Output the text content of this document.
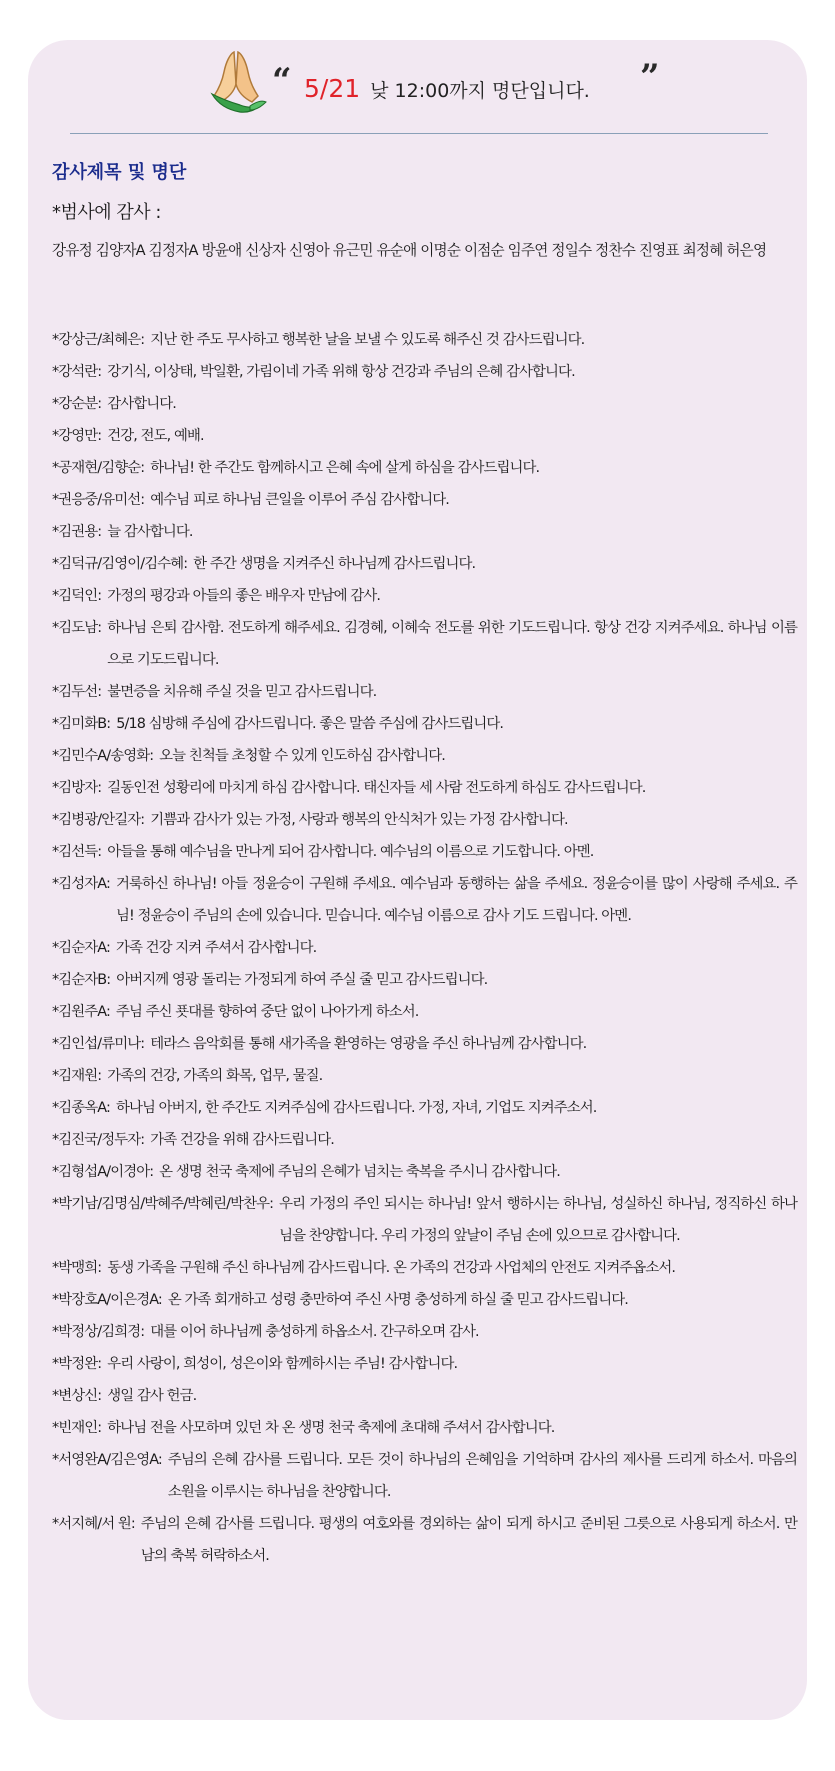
“ 5/21 낮 12:00까지 명단입니다. ”
감사제목 및 명단
*범사에 감사 :
강유정 김양자A 김정자A 방윤애 신상자 신영아 유근민 유순애 이명순 이점순 임주연 정일수 정찬수 진영표 최정혜 허은영
*강상근/최혜은: 지난 한 주도 무사하고 행복한 날을 보낼 수 있도록 해주신 것 감사드립니다.
*강석란: 강기식, 이상태, 박일환, 가림이네 가족 위해 항상 건강과 주님의 은혜 감사합니다.
*강순분: 감사합니다.
*강영만: 건강, 전도, 예배.
*공재현/김향순: 하나님! 한 주간도 함께하시고 은혜 속에 살게 하심을 감사드립니다.
*권응중/유미선: 예수님 피로 하나님 큰일을 이루어 주심 감사합니다.
*김권용: 늘 감사합니다.
*김덕규/김영이/김수혜: 한 주간 생명을 지켜주신 하나님께 감사드립니다.
*김덕인: 가정의 평강과 아들의 좋은 배우자 만남에 감사.
*김도남: 하나님 은퇴 감사함. 전도하게 해주세요. 김경혜, 이혜숙 전도를 위한 기도드립니다. 항상 건강 지켜주세요. 하나님 이름으로 기도드립니다.
*김두선: 불면증을 치유해 주실 것을 믿고 감사드립니다.
*김미화B: 5/18 심방해 주심에 감사드립니다. 좋은 말씀 주심에 감사드립니다.
*김민수A/송영화: 오늘 친척들 초청할 수 있게 인도하심 감사합니다.
*김방자: 길동인전 성황리에 마치게 하심 감사합니다. 태신자들 세 사람 전도하게 하심도 감사드립니다.
*김병광/안길자: 기쁨과 감사가 있는 가정, 사랑과 행복의 안식처가 있는 가정 감사합니다.
*김선득: 아들을 통해 예수님을 만나게 되어 감사합니다. 예수님의 이름으로 기도합니다. 아멘.
*김성자A: 거룩하신 하나님! 아들 정윤승이 구원해 주세요. 예수님과 동행하는 삶을 주세요. 정윤승이를 많이 사랑해 주세요. 주님! 정윤승이 주님의 손에 있습니다. 믿습니다. 예수님 이름으로 감사 기도 드립니다. 아멘.
*김순자A: 가족 건강 지켜 주셔서 감사합니다.
*김순자B: 아버지께 영광 돌리는 가정되게 하여 주실 줄 믿고 감사드립니다.
*김원주A: 주님 주신 푯대를 향하여 중단 없이 나아가게 하소서.
*김인섭/류미나: 테라스 음악회를 통해 새가족을 환영하는 영광을 주신 하나님께 감사합니다.
*김재원: 가족의 건강, 가족의 화목, 업무, 물질.
*김종옥A: 하나님 아버지, 한 주간도 지켜주심에 감사드립니다. 가정, 자녀, 기업도 지켜주소서.
*김진국/정두자: 가족 건강을 위해 감사드립니다.
*김형섭A/이경아: 온 생명 천국 축제에 주님의 은혜가 넘치는 축복을 주시니 감사합니다.
*박기남/김명심/박혜주/박혜린/박찬우: 우리 가정의 주인 되시는 하나님! 앞서 행하시는 하나님, 성실하신 하나님, 정직하신 하나님을 찬양합니다. 우리 가정의 앞날이 주님 손에 있으므로 감사합니다.
*박맹희: 동생 가족을 구원해 주신 하나님께 감사드립니다. 온 가족의 건강과 사업체의 안전도 지켜주옵소서.
*박장호A/이은경A: 온 가족 회개하고 성령 충만하여 주신 사명 충성하게 하실 줄 믿고 감사드립니다.
*박정상/김희경: 대를 이어 하나님께 충성하게 하옵소서. 간구하오며 감사.
*박정완: 우리 사랑이, 희성이, 성은이와 함께하시는 주님! 감사합니다.
*변상신: 생일 감사 헌금.
*빈재인: 하나님 전을 사모하며 있던 차 온 생명 천국 축제에 초대해 주셔서 감사합니다.
*서영완A/김은영A: 주님의 은혜 감사를 드립니다. 모든 것이 하나님의 은혜임을 기억하며 감사의 제사를 드리게 하소서. 마음의 소원을 이루시는 하나님을 찬양합니다.
*서지혜/서 원: 주님의 은혜 감사를 드립니다. 평생의 여호와를 경외하는 삶이 되게 하시고 준비된 그릇으로 사용되게 하소서. 만남의 축복 허락하소서.
